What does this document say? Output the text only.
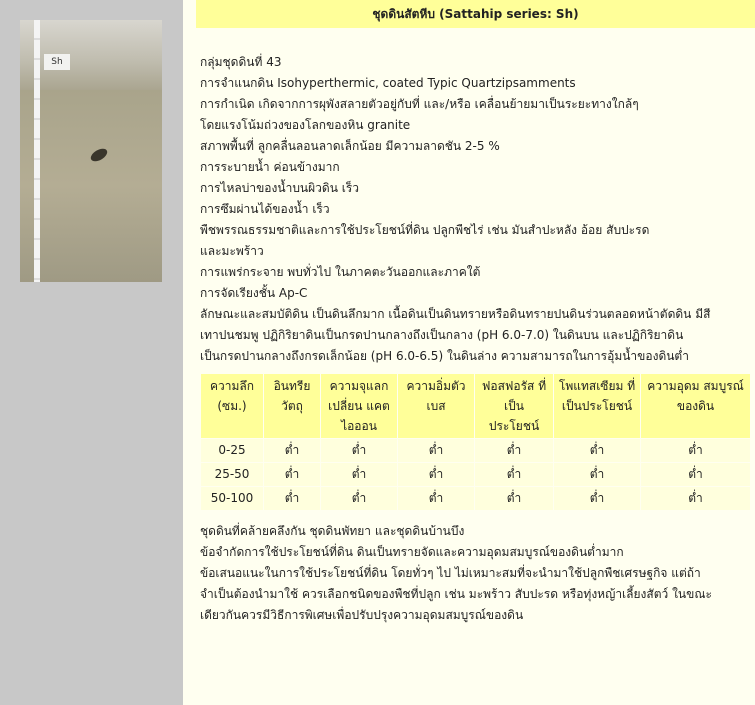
Sh
ชุดดินสัตหีบ (Sattahip series: Sh)

กลุ่มชุดดินที่ 43

การจำแนกดิน Isohyperthermic, coated Typic Quartzipsamments

การกำเนิด เกิดจากการผุพังสลายตัวอยู่กับที่ และ/หรือ เคลื่อนย้ายมาเป็นระยะทางใกล้ๆ

โดยแรงโน้มถ่วงของโลกของหิน granite

สภาพพื้นที่ ลูกคลื่นลอนลาดเล็กน้อย มีความลาดชัน 2-5 %

การระบายน้ำ ค่อนข้างมาก

การไหลบ่าของน้ำบนผิวดิน เร็ว

การซึมผ่านได้ของน้ำ เร็ว

พืชพรรณธรรมชาติและการใช้ประโยชน์ที่ดิน ปลูกพืชไร่ เช่น มันสำปะหลัง อ้อย สับปะรด

และมะพร้าว

การแพร่กระจาย พบทั่วไป ในภาคตะวันออกและภาคใต้

การจัดเรียงชั้น Ap-C

ลักษณะและสมบัติดิน เป็นดินลึกมาก เนื้อดินเป็นดินทรายหรือดินทรายปนดินร่วนตลอดหน้าตัดดิน มีสี

เทาปนชมพู ปฏิกิริยาดินเป็นกรดปานกลางถึงเป็นกลาง (pH 6.0-7.0) ในดินบน และปฏิกิริยาดิน

เป็นกรดปานกลางถึงกรดเล็กน้อย (pH 6.0-6.5) ในดินล่าง ความสามารถในการอุ้มน้ำของดินต่ำ

ความลึก (ซม.)	อินทรีย วัตถุ	ความจุแลกเปลี่ยน แคตไอออน	ความอิ่มตัว เบส	ฟอสฟอรัส ที่เป็น ประโยชน์	โพแทสเซียม ที่เป็นประโยชน์	ความอุดม สมบูรณ์ ของดิน
0-25	ต่ำ	ต่ำ	ต่ำ	ต่ำ	ต่ำ	ต่ำ
25-50	ต่ำ	ต่ำ	ต่ำ	ต่ำ	ต่ำ	ต่ำ
50-100	ต่ำ	ต่ำ	ต่ำ	ต่ำ	ต่ำ	ต่ำ

ชุดดินที่คล้ายคลึงกัน ชุดดินพัทยา และชุดดินบ้านบึง

ข้อจำกัดการใช้ประโยชน์ที่ดิน ดินเป็นทรายจัดและความอุดมสมบูรณ์ของดินต่ำมาก

ข้อเสนอแนะในการใช้ประโยชน์ที่ดิน โดยทั่วๆ ไป ไม่เหมาะสมที่จะนำมาใช้ปลูกพืชเศรษฐกิจ แต่ถ้า

จำเป็นต้องนำมาใช้ ควรเลือกชนิดของพืชที่ปลูก เช่น มะพร้าว สับปะรด หรือทุ่งหญ้าเลี้ยงสัตว์ ในขณะ

เดียวกันควรมีวิธีการพิเศษเพื่อปรับปรุงความอุดมสมบูรณ์ของดิน
